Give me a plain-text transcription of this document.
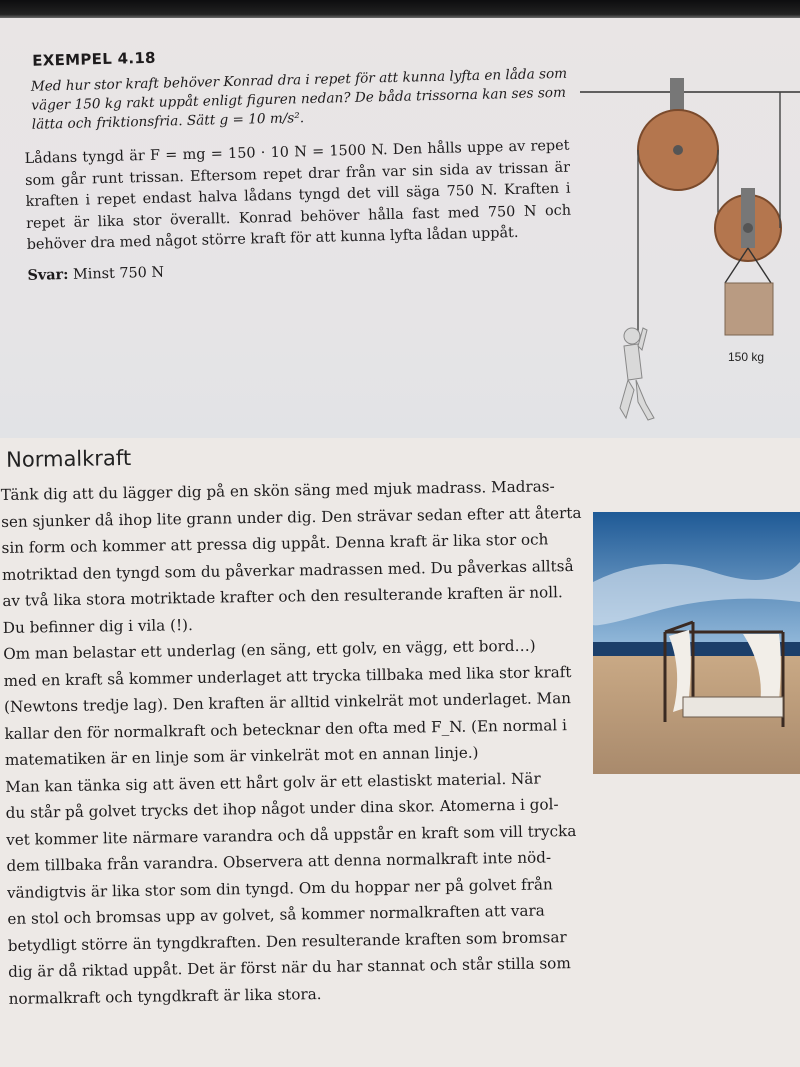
EXEMPEL 4.18

Med hur stor kraft behöver Konrad dra i repet för att kunna lyfta en låda som väger 150 kg rakt uppåt enligt figuren nedan? De båda trissorna kan ses som lätta och friktionsfria. Sätt g = 10 m/s².

Lådans tyngd är F = mg = 150 · 10 N = 1500 N. Den hålls uppe av repet som går runt trissan. Eftersom repet drar från var sin sida av trissan är kraften i repet endast halva lådans tyngd det vill säga 750 N. Kraften i repet är lika stor överallt. Konrad behöver hålla fast med 750 N och behöver dra med något större kraft för att kunna lyfta lådan uppåt.

Svar: Minst 750 N

150 kg
Normalkraft
Tänk dig att du lägger dig på en skön säng med mjuk madrass. Madras-
sen sjunker då ihop lite grann under dig. Den strävar sedan efter att återta
sin form och kommer att pressa dig uppåt. Denna kraft är lika stor och
motriktad den tyngd som du påverkar madrassen med. Du påverkas alltså
av två lika stora motriktade krafter och den resulterande kraften är noll.
Du befinner dig i vila (!).
Om man belastar ett underlag (en säng, ett golv, en vägg, ett bord…)
med en kraft så kommer underlaget att trycka tillbaka med lika stor kraft
(Newtons tredje lag). Den kraften är alltid vinkelrät mot underlaget. Man
kallar den för normalkraft och betecknar den ofta med F_N. (En normal i
matematiken är en linje som är vinkelrät mot en annan linje.)
Man kan tänka sig att även ett hårt golv är ett elastiskt material. När
du står på golvet trycks det ihop något under dina skor. Atomerna i gol-
vet kommer lite närmare varandra och då uppstår en kraft som vill trycka
dem tillbaka från varandra. Observera att denna normalkraft inte nöd-
vändigtvis är lika stor som din tyngd. Om du hoppar ner på golvet från
en stol och bromsas upp av golvet, så kommer normalkraften att vara
betydligt större än tyngdkraften. Den resulterande kraften som bromsar
dig är då riktad uppåt. Det är först när du har stannat och står stilla som
normalkraft och tyngdkraft är lika stora.
